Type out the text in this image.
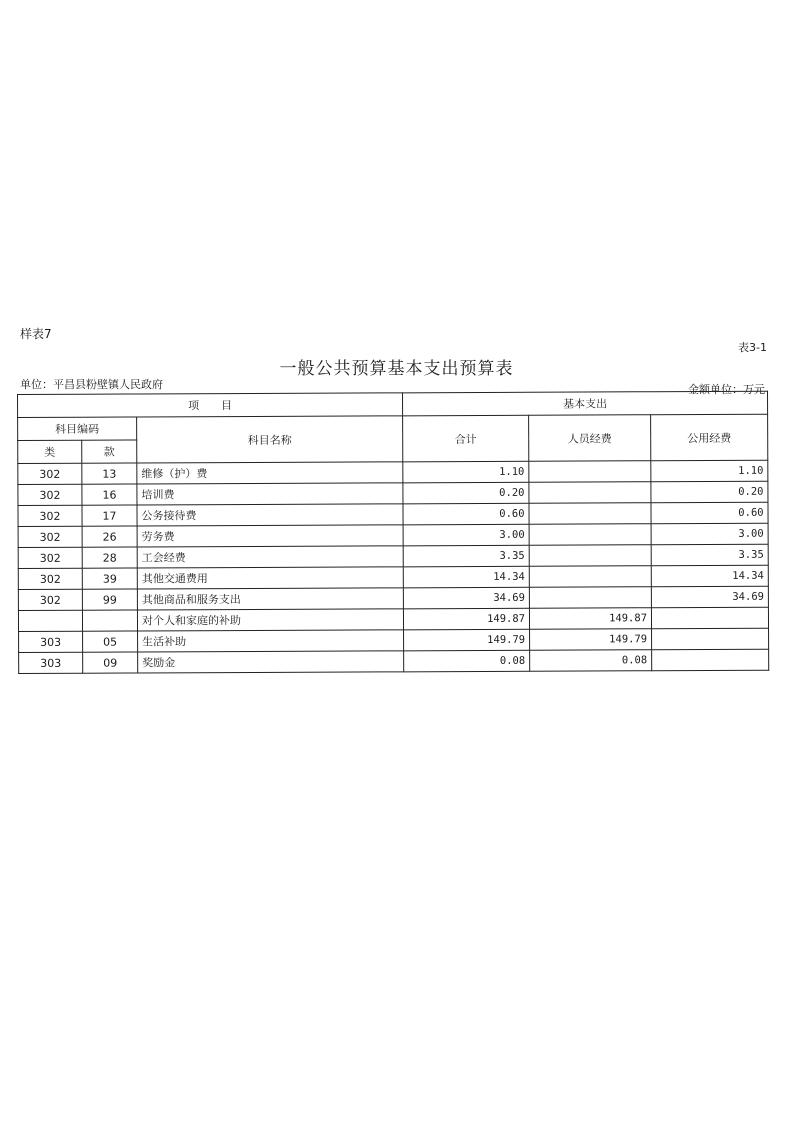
样表7
表3-1
一般公共预算基本支出预算表
单位：平昌县粉壁镇人民政府	金额单位：万元
项　　目			基本支出		
科目编码		科目名称	合计	人员经费	公用经费
类	款				
302	13	维修（护）费	1.10		1.10
302	16	培训费	0.20		0.20
302	17	公务接待费	0.60		0.60
302	26	劳务费	3.00		3.00
302	28	工会经费	3.35		3.35
302	39	其他交通费用	14.34		14.34
302	99	其他商品和服务支出	34.69		34.69
		对个人和家庭的补助	149.87	149.87	
303	05	生活补助	149.79	149.79	
303	09	奖励金	0.08	0.08	
